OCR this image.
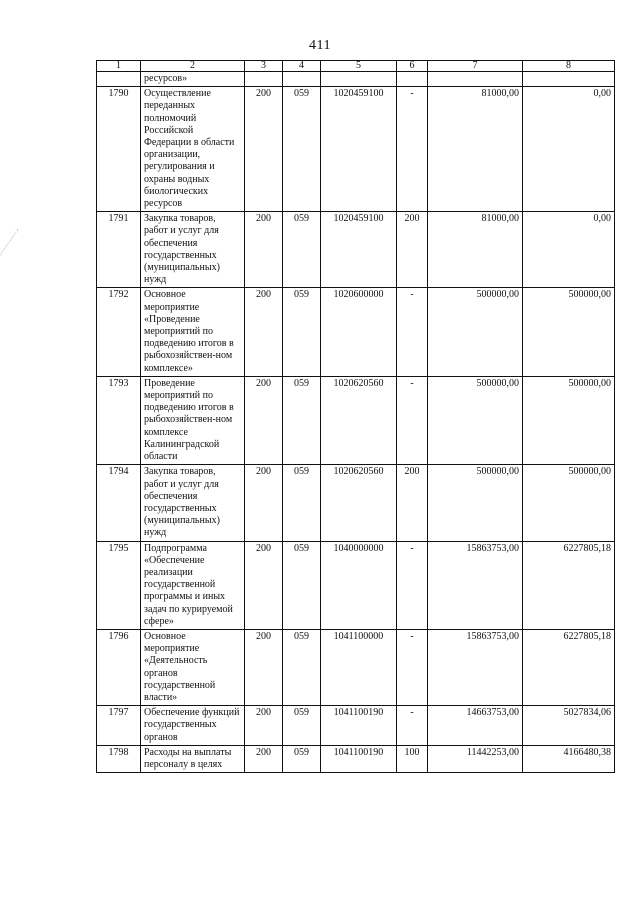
411
1	2	3	4	5	6	7	8
	ресурсов»						
1790	Осуществление переданных полномочий Российской Федерации в области организации, регулирования и охраны водных биологических ресурсов	200	059	1020459100	-	81000,00	0,00
1791	Закупка товаров, работ и услуг для обеспечения государственных (муниципальных) нужд	200	059	1020459100	200	81000,00	0,00
1792	Основное мероприятие «Проведение мероприятий по подведению итогов в рыбохозяйствен-ном комплексе»	200	059	1020600000	-	500000,00	500000,00
1793	Проведение мероприятий по подведению итогов в рыбохозяйствен-ном комплексе Калининградской области	200	059	1020620560	-	500000,00	500000,00
1794	Закупка товаров, работ и услуг для обеспечения государственных (муниципальных) нужд	200	059	1020620560	200	500000,00	500000,00
1795	Подпрограмма «Обеспечение реализации государственной программы и иных задач по курируемой сфере»	200	059	1040000000	-	15863753,00	6227805,18
1796	Основное мероприятие «Деятельность органов государственной власти»	200	059	1041100000	-	15863753,00	6227805,18
1797	Обеспечение функций государственных органов	200	059	1041100190	-	14663753,00	5027834,06
1798	Расходы на выплаты персоналу в целях	200	059	1041100190	100	11442253,00	4166480,38
